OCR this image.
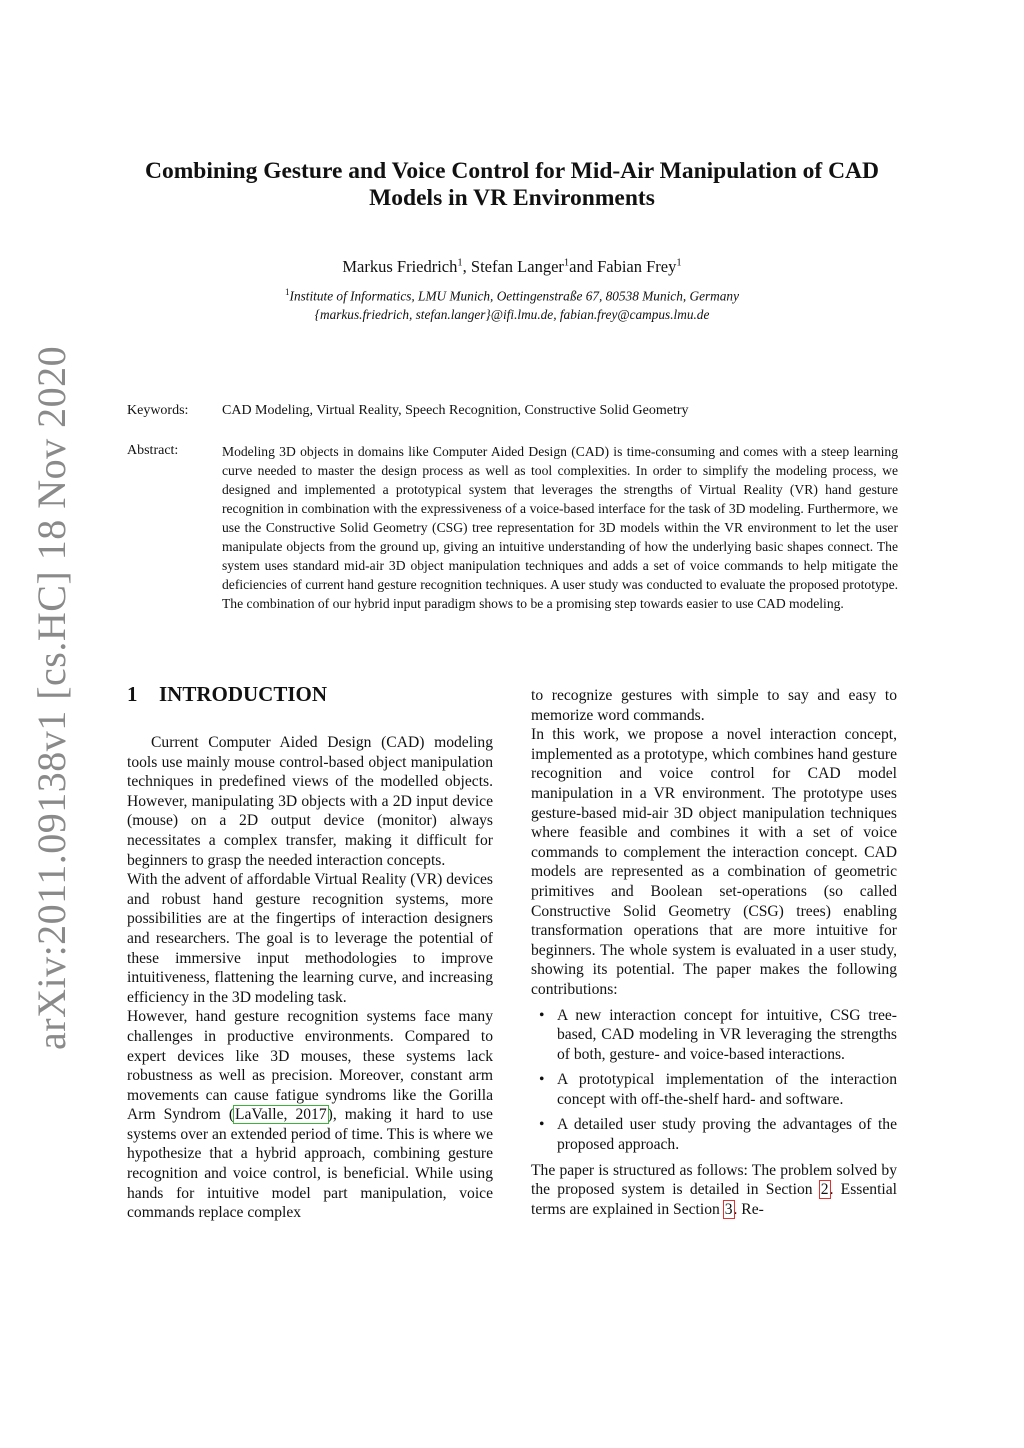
arXiv:2011.09138v1 [cs.HC] 18 Nov 2020
Combining Gesture and Voice Control for Mid-Air Manipulation of CAD
Models in VR Environments
Markus Friedrich$^1$, Stefan Langer$^1$and Fabian Frey$^1$
$^1$Institute of Informatics, LMU Munich, Oettingenstraße 67, 80538 Munich, Germany
{markus.friedrich, stefan.langer}@ifi.lmu.de, fabian.frey@campus.lmu.de
Keywords: CAD Modeling, Virtual Reality, Speech Recognition, Constructive Solid Geometry
Abstract:	Modeling 3D objects in domains like Computer Aided Design (CAD) is time-consuming and comes with a steep learning curve needed to master the design process as well as tool complexities. In order to simplify the modeling process, we designed and implemented a prototypical system that leverages the strengths of Virtual Reality (VR) hand gesture recognition in combination with the expressiveness of a voice-based interface for the task of 3D modeling. Furthermore, we use the Constructive Solid Geometry (CSG) tree representation for 3D models within the VR environment to let the user manipulate objects from the ground up, giving an intuitive understanding of how the underlying basic shapes connect. The system uses standard mid-air 3D object manipulation techniques and adds a set of voice commands to help mitigate the deficiencies of current hand gesture recognition techniques. A user study was conducted to evaluate the proposed prototype. The combination of our hybrid input paradigm shows to be a promising step towards easier to use CAD modeling.
1 INTRODUCTION

Current Computer Aided Design (CAD) modeling tools use mainly mouse control-based object manipulation techniques in predefined views of the modelled objects. However, manipulating 3D objects with a 2D input device (mouse) on a 2D output device (monitor) always necessitates a complex transfer, making it difficult for beginners to grasp the needed interaction concepts.

With the advent of affordable Virtual Reality (VR) devices and robust hand gesture recognition systems, more possibilities are at the fingertips of interaction designers and researchers. The goal is to leverage the potential of these immersive input methodologies to improve intuitiveness, flattening the learning curve, and increasing efficiency in the 3D modeling task.

However, hand gesture recognition systems face many challenges in productive environments. Compared to expert devices like 3D mouses, these systems lack robustness as well as precision. Moreover, constant arm movements can cause fatigue syndroms like the Gorilla Arm Syndrom (LaValle, 2017), making it hard to use systems over an extended period of time. This is where we hypothesize that a hybrid approach, combining gesture recognition and voice control, is beneficial. While using hands for intuitive model part manipulation, voice commands replace complex

to recognize gestures with simple to say and easy to memorize word commands.

In this work, we propose a novel interaction concept, implemented as a prototype, which combines hand gesture recognition and voice control for CAD model manipulation in a VR environment. The prototype uses gesture-based mid-air 3D object manipulation techniques where feasible and combines it with a set of voice commands to complement the interaction concept. CAD models are represented as a combination of geometric primitives and Boolean set-operations (so called Constructive Solid Geometry (CSG) trees) enabling transformation operations that are more intuitive for beginners. The whole system is evaluated in a user study, showing its potential. The paper makes the following contributions:

• A new interaction concept for intuitive, CSG tree-based, CAD modeling in VR leveraging the strengths of both, gesture- and voice-based interactions.
• A prototypical implementation of the interaction concept with off-the-shelf hard- and software.
• A detailed user study proving the advantages of the proposed approach.

The paper is structured as follows: The problem solved by the proposed system is detailed in Section 2. Essential terms are explained in Section 3. Re-
